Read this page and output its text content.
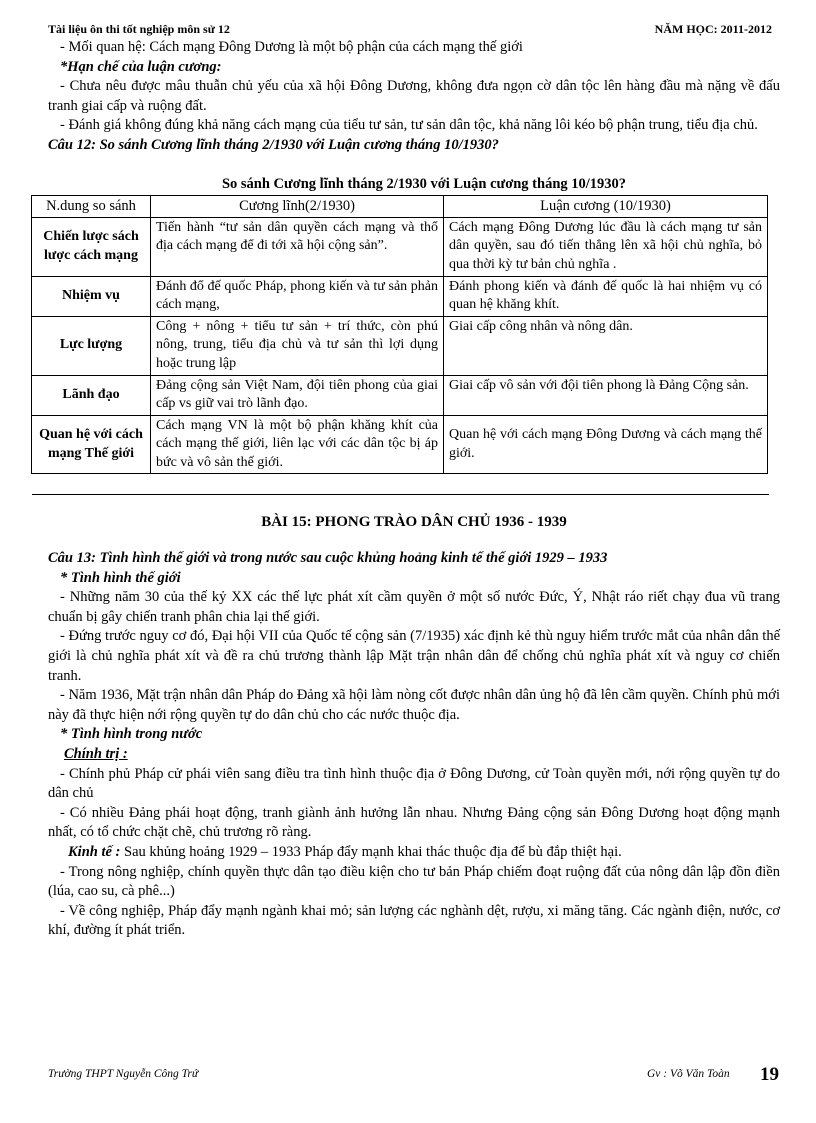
Tài liệu ôn thi tốt nghiệp môn sử 12	NĂM HỌC: 2011-2012

- Mối quan hệ: Cách mạng Đông Dương là một bộ phận của cách mạng thế giới

*Hạn chế của luận cương:

- Chưa nêu được mâu thuẫn chủ yếu của xã hội Đông Dương, không đưa ngọn cờ dân tộc lên hàng đầu mà nặng về đấu tranh giai cấp và ruộng đất.

- Đánh giá không đúng khả năng cách mạng của tiểu tư sản, tư sản dân tộc, khả năng lôi kéo bộ phận trung, tiểu địa chủ.

Câu 12: So sánh Cương lĩnh tháng 2/1930 với Luận cương tháng 10/1930?

So sánh Cương lĩnh tháng 2/1930 với Luận cương tháng 10/1930?
N.dung so sánh	Cương lĩnh(2/1930)	Luận cương (10/1930)
Chiến lược sách lược cách mạng	Tiến hành “tư sản dân quyền cách mạng và thổ địa cách mạng để đi tới xã hội cộng sản”.	Cách mạng Đông Dương lúc đầu là cách mạng tư sản dân quyền, sau đó tiến thẳng lên xã hội chủ nghĩa, bỏ qua thời kỳ tư bản chủ nghĩa .
Nhiệm vụ	Đánh đổ đế quốc Pháp, phong kiến và tư sản phản cách mạng,	Đánh phong kiến và đánh đế quốc là hai nhiệm vụ có quan hệ khăng khít.
Lực lượng	Công + nông + tiểu tư sản + trí thức, còn phú nông, trung, tiểu địa chủ và tư sản thì lợi dụng hoặc trung lập	Giai cấp công nhân và nông dân.
Lãnh đạo	Đảng cộng sản Việt Nam, đội tiên phong của giai cấp vs giữ vai trò lãnh đạo.	Giai cấp vô sản với đội tiên phong là Đảng Cộng sản.
Quan hệ với cách mạng Thế giới	Cách mạng VN là một bộ phận khăng khít của cách mạng thế giới, liên lạc với các dân tộc bị áp bức và vô sản thế giới.	Quan hệ với cách mạng Đông Dương và cách mạng thế giới.
BÀI 15: PHONG TRÀO DÂN CHỦ 1936 - 1939

Câu 13: Tình hình thế giới và trong nước sau cuộc khủng hoảng kinh tế thế giới 1929 – 1933

* Tình hình thế giới

- Những năm 30 của thế kỷ XX các thế lực phát xít cầm quyền ở một số nước Đức, Ý, Nhật ráo riết chạy đua vũ trang chuẩn bị gây chiến tranh phân chia lại thế giới.

- Đứng trước nguy cơ đó, Đại hội VII của Quốc tế cộng sản (7/1935) xác định kẻ thù nguy hiểm trước mắt của nhân dân thế giới là chủ nghĩa phát xít và đề ra chủ trương thành lập Mặt trận nhân dân để chống chủ nghĩa phát xít và nguy cơ chiến tranh.

- Năm 1936, Mặt trận nhân dân Pháp do Đảng xã hội làm nòng cốt được nhân dân ủng hộ đã lên cầm quyền. Chính phủ mới này đã thực hiện nới rộng quyền tự do dân chủ cho các nước thuộc địa.

* Tình hình trong nước

Chính trị :

- Chính phủ Pháp cử phái viên sang điều tra tình hình thuộc địa ở Đông Dương, cử Toàn quyền mới, nới rộng quyền tự do dân chủ

- Có nhiều Đảng phái hoạt động, tranh giành ảnh hưởng lẫn nhau. Nhưng Đảng cộng sản Đông Dương hoạt động mạnh nhất, có tổ chức chặt chẽ, chủ trương rõ ràng.

Kinh tế : Sau khủng hoảng 1929 – 1933 Pháp đẩy mạnh khai thác thuộc địa để bù đắp thiệt hại.

- Trong nông nghiệp, chính quyền thực dân tạo điều kiện cho tư bản Pháp chiếm đoạt ruộng đất của nông dân lập đồn điền (lúa, cao su, cà phê...)

- Về công nghiệp, Pháp đẩy mạnh ngành khai mỏ; sản lượng các nghành dệt, rượu, xi măng tăng. Các ngành điện, nước, cơ khí, đường ít phát triển.

Trường THPT Nguyễn Công Trứ	Gv : Võ Văn Toàn 19
